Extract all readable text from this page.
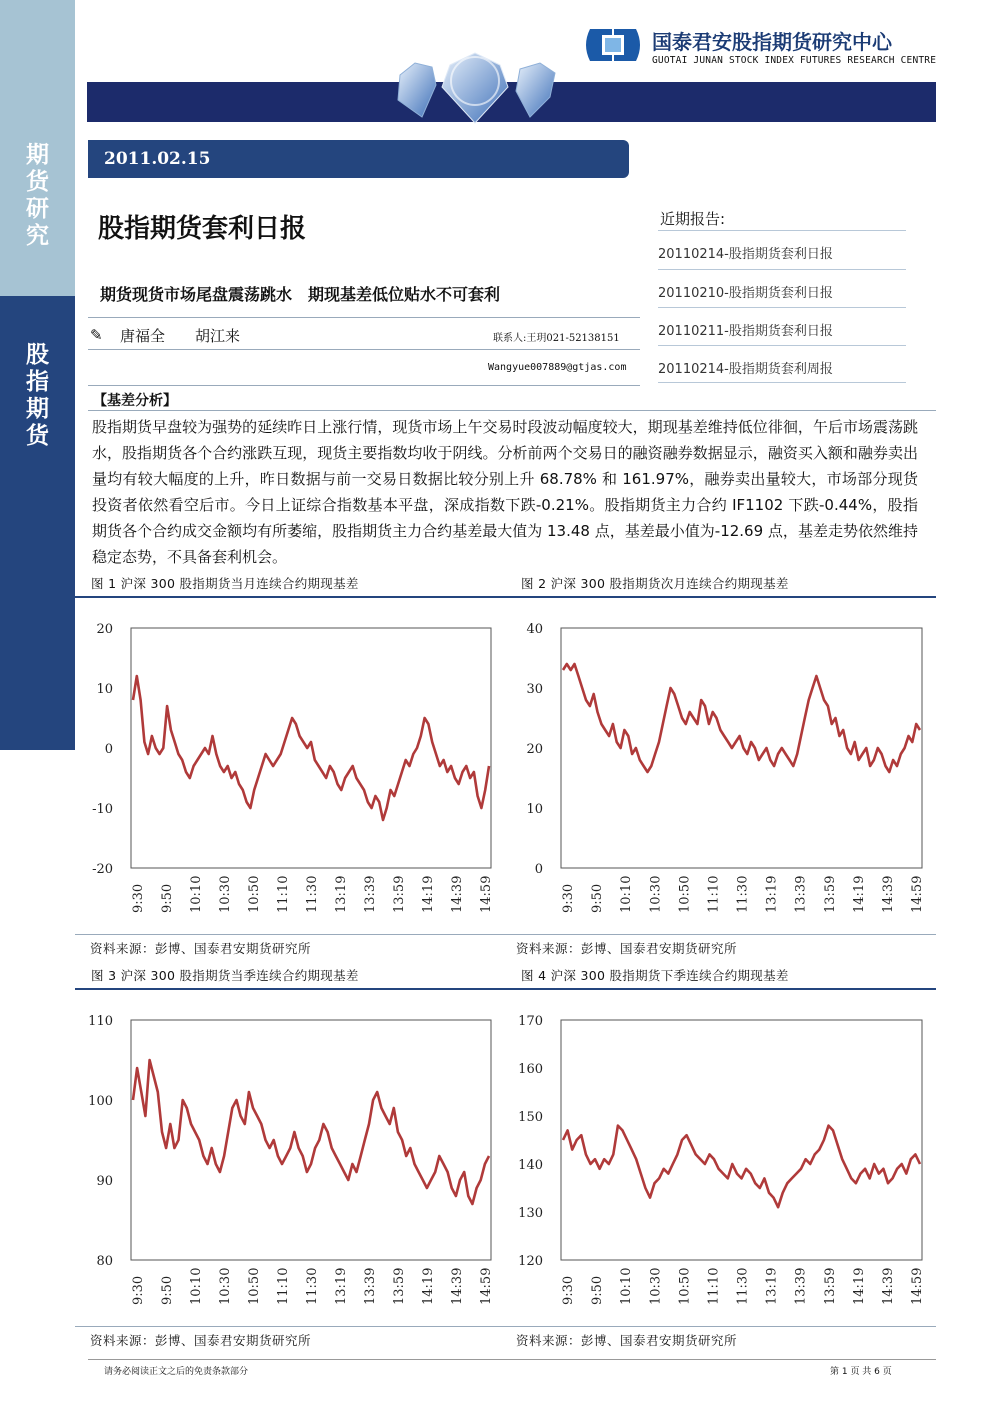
期
货
研
究
股
指
期
货
国泰君安股指期货研究中心
GUOTAI JUNAN STOCK INDEX FUTURES RESEARCH CENTRE
2011.02.15
股指期货套利日报
期货现货市场尾盘震荡跳水　期现基差低位贴水不可套利
✎ 唐福全　　胡江来	联系人:王玥021-52138151
Wangyue007889@gtjas.com
近期报告:
20110214-股指期货套利日报
20110210-股指期货套利日报
20110211-股指期货套利日报
20110214-股指期货套利周报
【基差分析】
股指期货早盘较为强势的延续昨日上涨行情，现货市场上午交易时段波动幅度较大，期现基差维持低位徘徊，午后市场震荡跳水，股指期货各个合约涨跌互现，现货主要指数均收于阴线。分析前两个交易日的融资融券数据显示，融资买入额和融券卖出量均有较大幅度的上升，昨日数据与前一交易日数据比较分别上升 68.78% 和 161.97%，融券卖出量较大，市场部分现货投资者依然看空后市。今日上证综合指数基本平盘，深成指数下跌-0.21%。股指期货主力合约 IF1102 下跌-0.44%，股指期货各个合约成交金额均有所萎缩，股指期货主力合约基差最大值为 13.48 点，基差最小值为-12.69 点，基差走势依然维持稳定态势，不具备套利机会。
图 1 沪深 300 股指期货当月连续合约期现基差	图 2 沪深 300 股指期货次月连续合约期现基差
20
10
0
-10
-20
9:30 9:50 10:10 10:30 10:50 11:10 11:30 13:19 13:39 13:59 14:19 14:39 14:59
40
30
20
10
0
9:30 9:50 10:10 10:30 10:50 11:10 11:30 13:19 13:39 13:59 14:19 14:39 14:59
资料来源：彭博、国泰君安期货研究所	资料来源：彭博、国泰君安期货研究所
图 3 沪深 300 股指期货当季连续合约期现基差	图 4 沪深 300 股指期货下季连续合约期现基差
110
100
90
80
9:30 9:50 10:10 10:30 10:50 11:10 11:30 13:19 13:39 13:59 14:19 14:39 14:59
170
160
150
140
130
120
9:30 9:50 10:10 10:30 10:50 11:10 11:30 13:19 13:39 13:59 14:19 14:39 14:59
资料来源：彭博、国泰君安期货研究所	资料来源：彭博、国泰君安期货研究所
请务必阅读正文之后的免责条款部分	第 1 页 共 6 页
